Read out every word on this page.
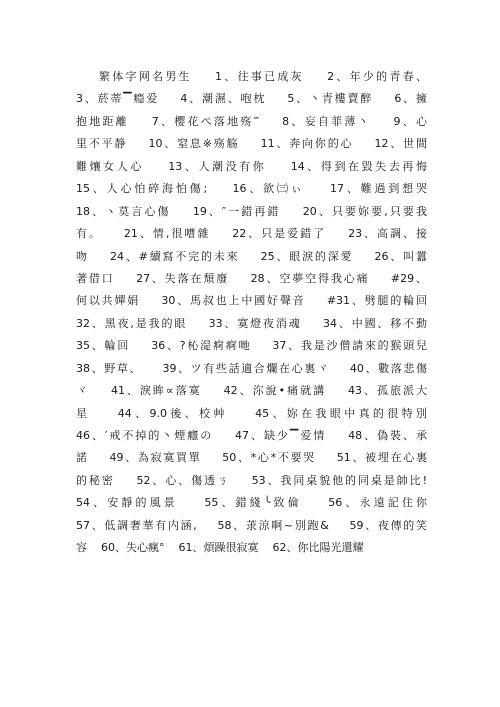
繁体字网名男生    1、往事已成灰    2、年少的青春、
3、菸蒂▔瘾爱    4、潮濕、咆枕    5、丶青樓賣醉    6、擁
抱地距離    7、樱花ぺ落地殇‴    8、妄自菲薄丶    9、心
里不平静    10、窒息※殇觞    11、奔向你的心    12、世間
難爙女人心    13、人潮没有你    14、得到在毀失去再悔
15、人心怕碎海怕傷;    16、欲㈢ぃ    17、難過到想哭
18、ヽ莫言心傷    19、″一錯再錯    20、只要妳要,只要我
有。    21、情,很嘈雜    22、只是爱錯了    23、高調、接
吻    24、#續寫不完的未來    25、眼淚的深愛    26、叫囂
著借口    27、失落在頹廢    28、空夢空得我心痛    #29、
何以共嬋娟    30、馬叔也上中國好聲音    #31、劈腿的輪回
32、黑夜,是我的眼    33、寞燈夜消魂    34、中國、移不動
35、輪回    36、?杺湜痾痾哋    37、我是沙僧請來的猴頭兒
38、野草、    39、ツ有些話適合爛在心裏ヾ    40、數落悲傷
ヾ    41、淚眸∝落寞    42、沵說•痛就講    43、孤旅派大
星    44、9.0後、校艸    45、妳在我眼中真的很特別
46、′戒不掉的丶煙癮の    47、缺少▔爱情    48、偽裝、承
諾    49、為寂寞買單    50、*心*不要哭    51、被埋在心裏
的秘密    52、心、傷透ㄋ    53、我同桌貌他的同桌是帥比!
54、安靜的風景    55、錯綫╰致倫    56、永遠記住你
57、低調奢華有内涵,    58、莍涼啊~別跑&    59、夜傳的笑
容    60、失心瘋°    61、煩躁很寂寞    62、你比陽光還耀
